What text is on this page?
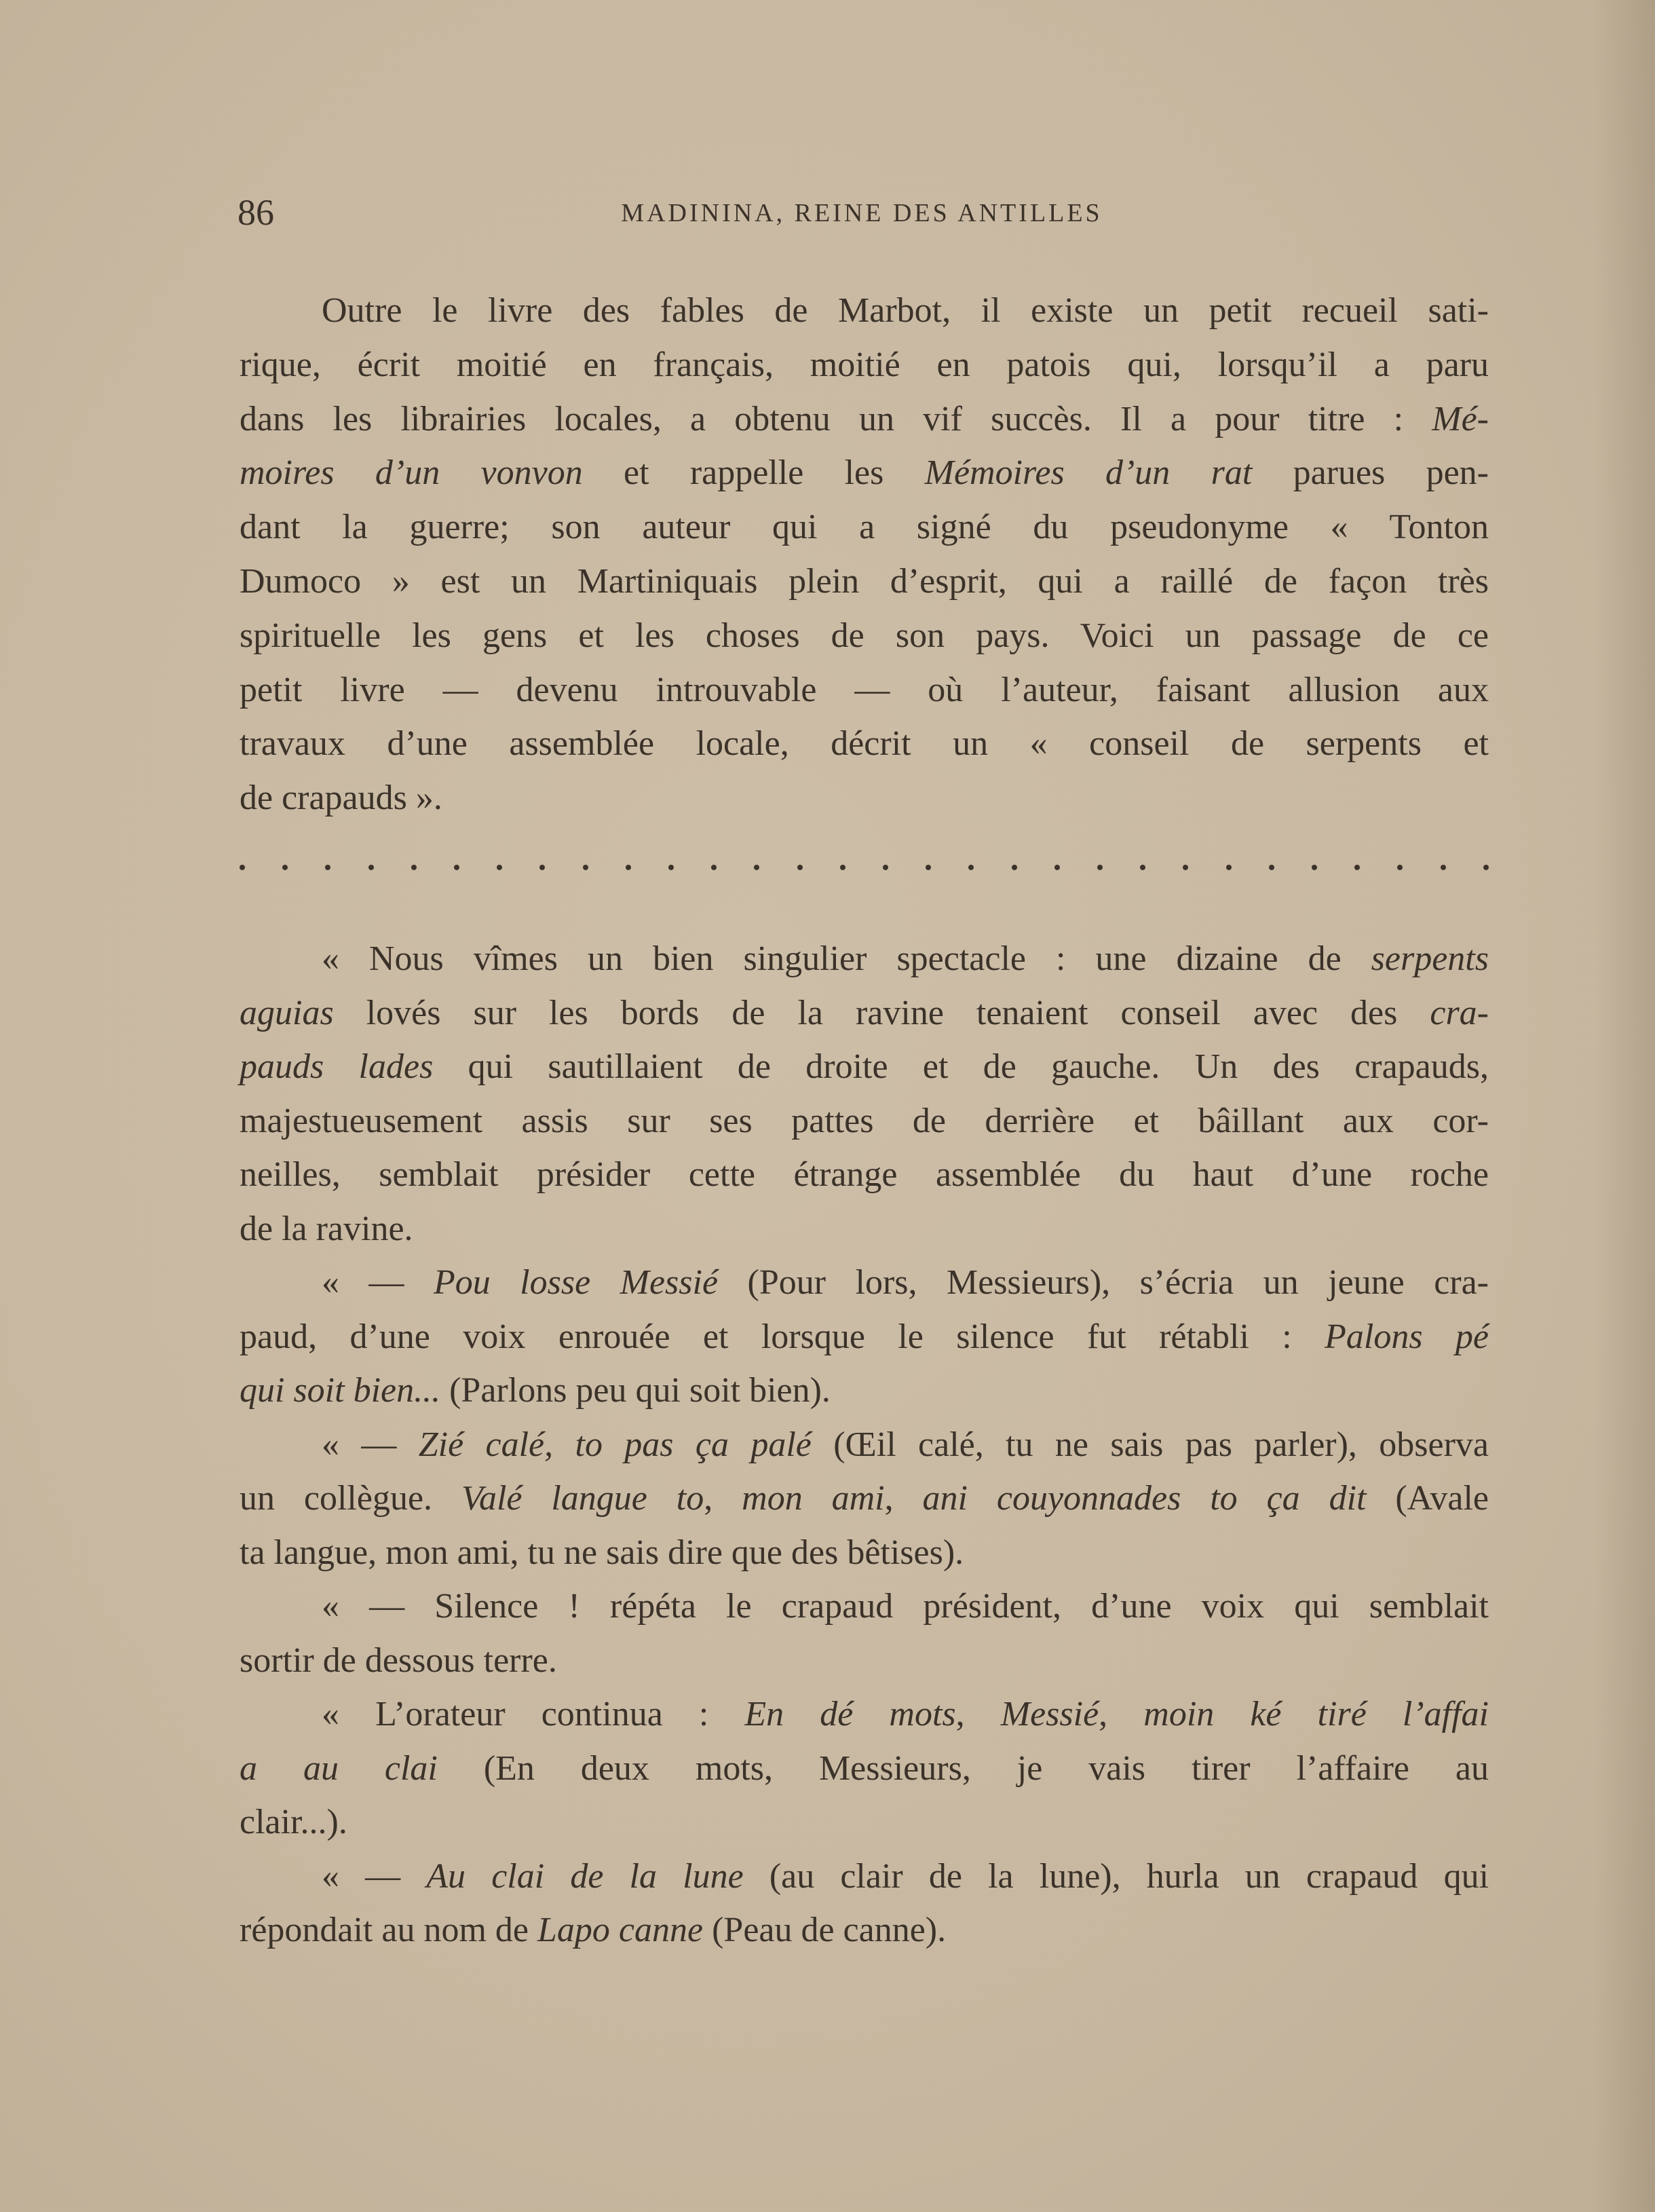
86	MADININA, REINE DES ANTILLES
Outre le livre des fables de Marbot, il existe un petit recueil sati-
rique, écrit moitié en français, moitié en patois qui, lorsqu’il a paru
dans les librairies locales, a obtenu un vif succès. Il a pour titre : Mé-
moires d’un vonvon et rappelle les Mémoires d’un rat parues pen-
dant la guerre; son auteur qui a signé du pseudonyme « Tonton
Dumoco » est un Martiniquais plein d’esprit, qui a raillé de façon très
spirituelle les gens et les choses de son pays. Voici un passage de ce
petit livre — devenu introuvable — où l’auteur, faisant allusion aux
travaux d’une assemblée locale, décrit un « conseil de serpents et
de crapauds ».
« Nous vîmes un bien singulier spectacle : une dizaine de serpents
aguias lovés sur les bords de la ravine tenaient conseil avec des cra-
pauds lades qui sautillaient de droite et de gauche. Un des crapauds,
majestueusement assis sur ses pattes de derrière et bâillant aux cor-
neilles, semblait présider cette étrange assemblée du haut d’une roche
de la ravine.
« — Pou losse Messié (Pour lors, Messieurs), s’écria un jeune cra-
paud, d’une voix enrouée et lorsque le silence fut rétabli : Palons pé
qui soit bien... (Parlons peu qui soit bien).
« — Zié calé, to pas ça palé (Œil calé, tu ne sais pas parler), observa
un collègue. Valé langue to, mon ami, ani couyonnades to ça dit (Avale
ta langue, mon ami, tu ne sais dire que des bêtises).
« — Silence ! répéta le crapaud président, d’une voix qui semblait
sortir de dessous terre.
« L’orateur continua : En dé mots, Messié, moin ké tiré l’affai
a au clai (En deux mots, Messieurs, je vais tirer l’affaire au
clair...).
« — Au clai de la lune (au clair de la lune), hurla un crapaud qui
répondait au nom de Lapo canne (Peau de canne).
